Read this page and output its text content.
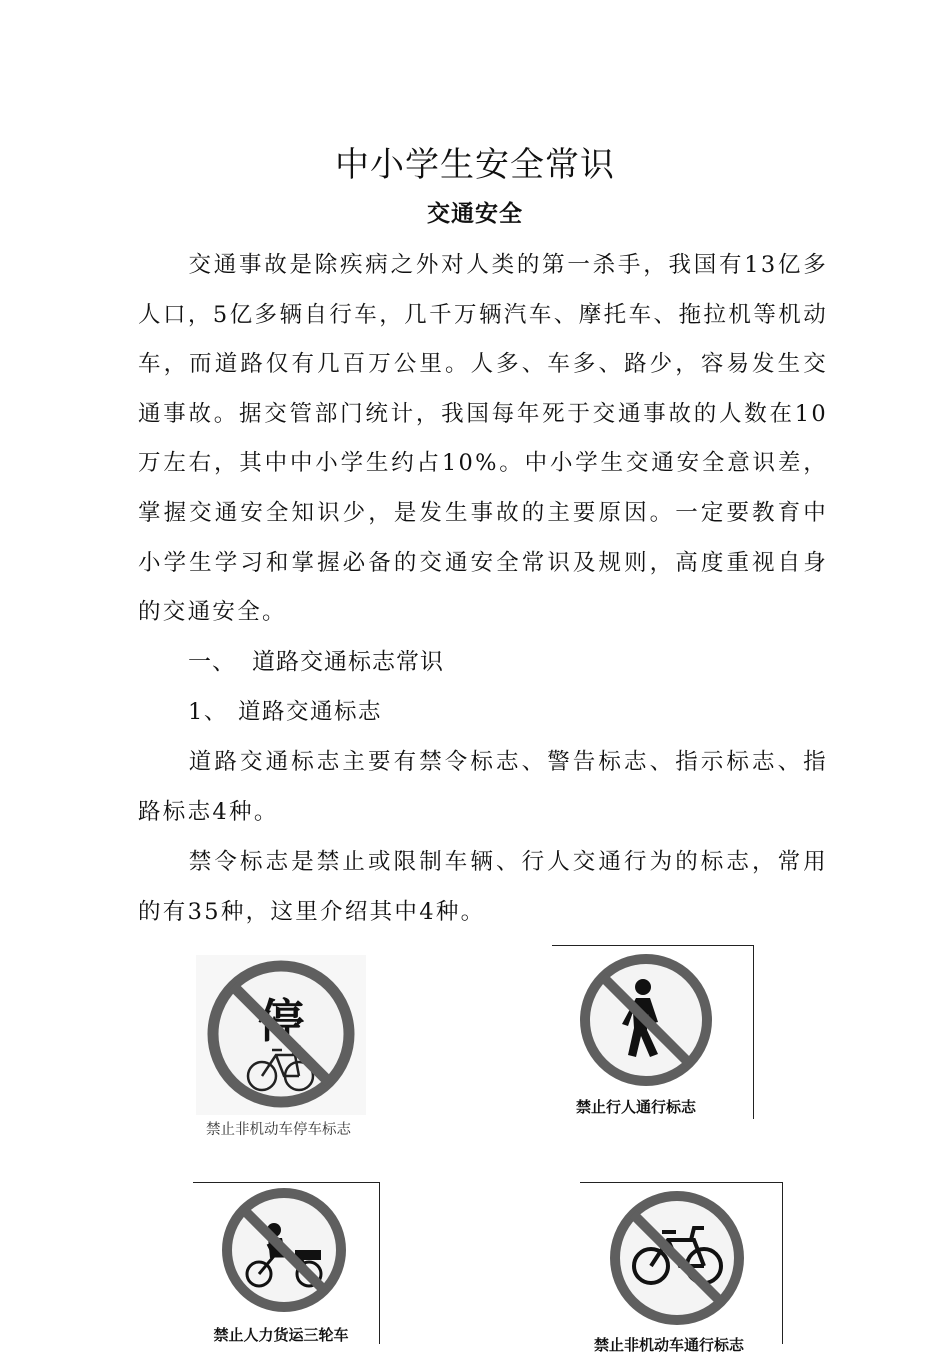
中小学生安全常识
交通安全

交通事故是除疾病之外对人类的第一杀手，我国有13亿多人口，5亿多辆自行车，几千万辆汽车、摩托车、拖拉机等机动车，而道路仅有几百万公里。人多、车多、路少，容易发生交通事故。据交管部门统计，我国每年死于交通事故的人数在10万左右，其中中小学生约占10%。中小学生交通安全意识差，掌握交通安全知识少，是发生事故的主要原因。一定要教育中小学生学习和掌握必备的交通安全常识及规则，高度重视自身的交通安全。

一、 道路交通标志常识
1、 道路交通标志

道路交通标志主要有禁令标志、警告标志、指示标志、指路标志4种。

禁令标志是禁止或限制车辆、行人交通行为的标志，常用的有35种，这里介绍其中4种。

停
禁止非机动车停车标志
禁止行人通行标志
禁止人力货运三轮车
禁止非机动车通行标志
